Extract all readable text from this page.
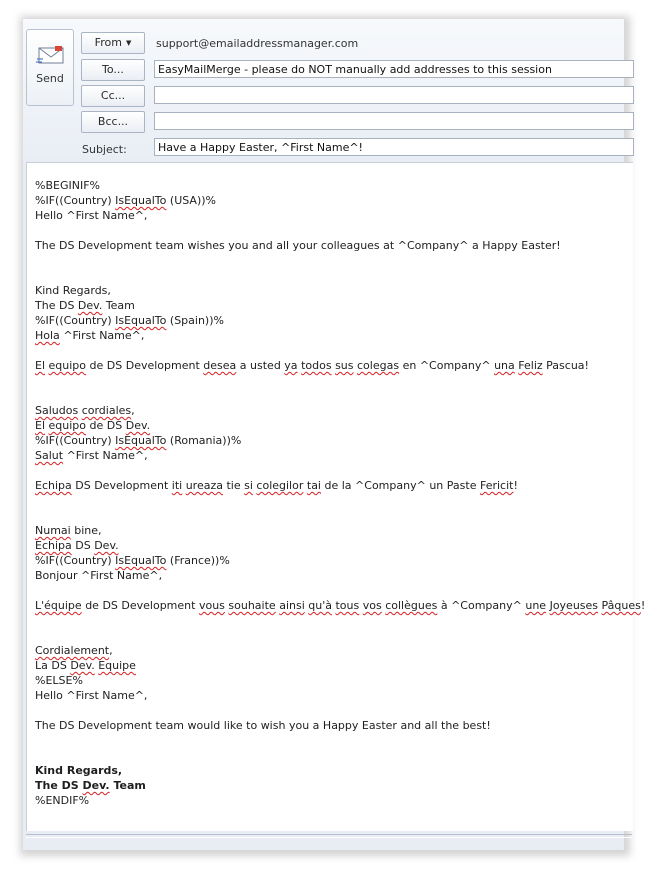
Send
From ▼	support@emailaddressmanager.com
To...	EasyMailMerge - please do NOT manually add addresses to this session
Cc...
Bcc...
Subject:	Have a Happy Easter, ^First Name^!
%BEGINIF%
%IF((Country) IsEqualTo (USA))%
Hello ^First Name^,

The DS Development team wishes you and all your colleagues at ^Company^ a Happy Easter!

Kind Regards,
The DS Dev. Team
%IF((Country) IsEqualTo (Spain))%
Hola ^First Name^,

El equipo de DS Development desea a usted ya todos sus colegas en ^Company^ una Feliz Pascua!

Saludos cordiales,
El equipo de DS Dev.
%IF((Country) IsEqualTo (Romania))%
Salut ^First Name^,

Echipa DS Development iti ureaza tie si colegilor tai de la ^Company^ un Paste Fericit!

Numai bine,
Echipa DS Dev.
%IF((Country) IsEqualTo (France))%
Bonjour ^First Name^,

L'équipe de DS Development vous souhaite ainsi qu'à tous vos collègues à ^Company^ une Joyeuses Pâques!

Cordialement,
La DS Dev. Equipe
%ELSE%
Hello ^First Name^,

The DS Development team would like to wish you a Happy Easter and all the best!

Kind Regards,
The DS Dev. Team
%ENDIF%
